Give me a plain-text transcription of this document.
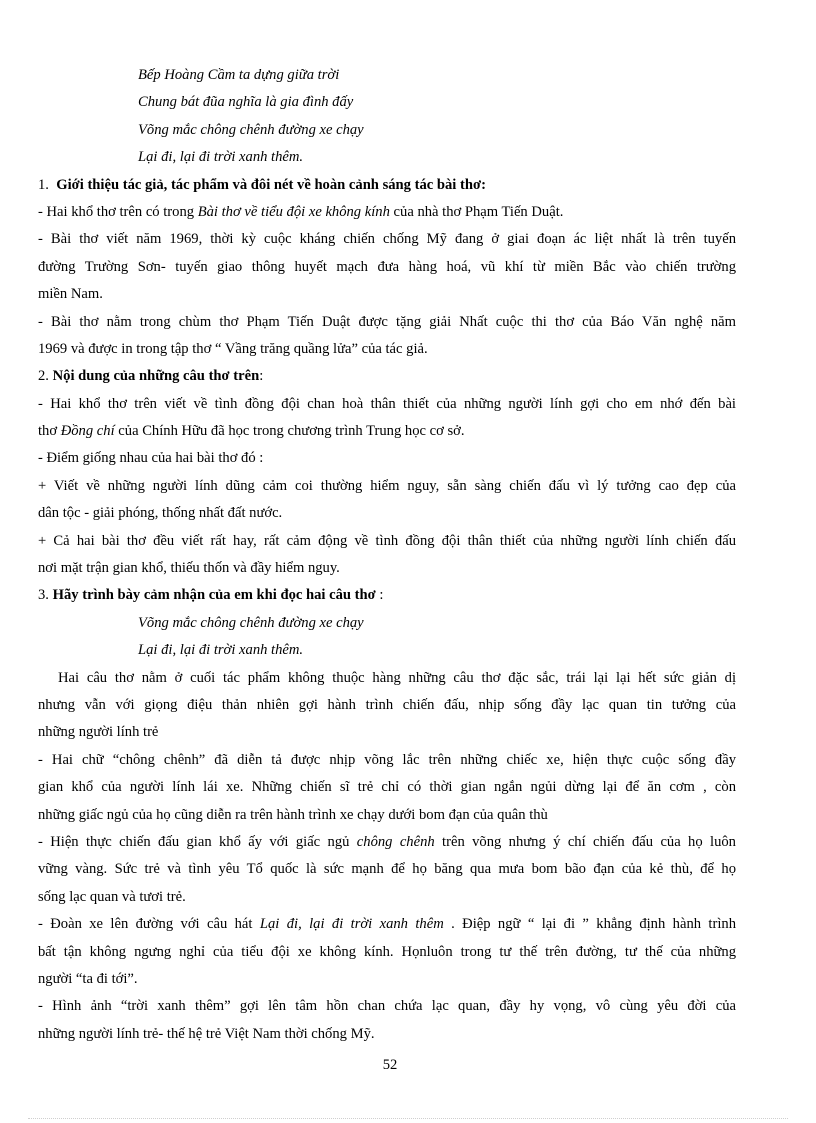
Bếp Hoàng Cầm ta dựng giữa trời
Chung bát đũa nghĩa là gia đình đấy
Võng mắc chông chênh đường xe chạy
Lại đi, lại đi trời xanh thêm.
1. Giới thiệu tác giả, tác phẩm và đôi nét về hoàn cảnh sáng tác bài thơ:
- Hai khổ thơ trên có trong Bài thơ về tiểu đội xe không kính của nhà thơ Phạm Tiến Duật.
- Bài thơ viết năm 1969, thời kỳ cuộc kháng chiến chống Mỹ đang ở giai đoạn ác liệt nhất là trên tuyến
đường Trường Sơn- tuyến giao thông huyết mạch đưa hàng hoá, vũ khí từ miền Bắc vào chiến trường
miền Nam.
- Bài thơ nằm trong chùm thơ Phạm Tiến Duật được tặng giải Nhất cuộc thi thơ của Báo Văn nghệ năm
1969 và được in trong tập thơ “ Vầng trăng quầng lửa” của tác giả.
2. Nội dung của những câu thơ trên:
- Hai khổ thơ trên viết về tình đồng đội chan hoà thân thiết của những người lính gợi cho em nhớ đến bài
thơ Đồng chí của Chính Hữu đã học trong chương trình Trung học cơ sở.
- Điểm giống nhau của hai bài thơ đó :
+ Viết về những người lính dũng cảm coi thường hiểm nguy, sẵn sàng chiến đấu vì lý tưởng cao đẹp của
dân tộc - giải phóng, thống nhất đất nước.
+ Cả hai bài thơ đều viết rất hay, rất cảm động về tình đồng đội thân thiết của những người lính chiến đấu
nơi mặt trận gian khổ, thiếu thốn và đầy hiểm nguy.
3. Hãy trình bày cảm nhận của em khi đọc hai câu thơ :
Võng mắc chông chênh đường xe chạy
Lại đi, lại đi trời xanh thêm.
Hai câu thơ nằm ở cuối tác phẩm không thuộc hàng những câu thơ đặc sắc, trái lại lại hết sức giản dị
nhưng vẫn với giọng điệu thản nhiên gợi hành trình chiến đấu, nhịp sống đầy lạc quan tin tưởng của
những người lính trẻ
- Hai chữ “chông chênh” đã diễn tả được nhịp võng lắc trên những chiếc xe, hiện thực cuộc sống đầy
gian khổ của người lính lái xe. Những chiến sĩ trẻ chỉ có thời gian ngắn ngủi dừng lại để ăn cơm , còn
những giấc ngủ của họ cũng diễn ra trên hành trình xe chạy dưới bom đạn của quân thù
- Hiện thực chiến đấu gian khổ ấy với giấc ngủ chông chênh trên võng nhưng ý chí chiến đấu của họ luôn
vững vàng. Sức trẻ và tình yêu Tổ quốc là sức mạnh để họ băng qua mưa bom bão đạn của kẻ thù, để họ
sống lạc quan và tươi trẻ.
- Đoàn xe lên đường với câu hát Lại đi, lại đi trời xanh thêm . Điệp ngữ “ lại đi ” khẳng định hành trình
bất tận không ngưng nghỉ của tiểu đội xe không kính. Họnluôn trong tư thế trên đường, tư thế của những
người “ta đi tới”.
- Hình ảnh “trời xanh thêm” gợi lên tâm hồn chan chứa lạc quan, đầy hy vọng, vô cùng yêu đời của
những người lính trẻ- thế hệ trẻ Việt Nam thời chống Mỹ.
52
